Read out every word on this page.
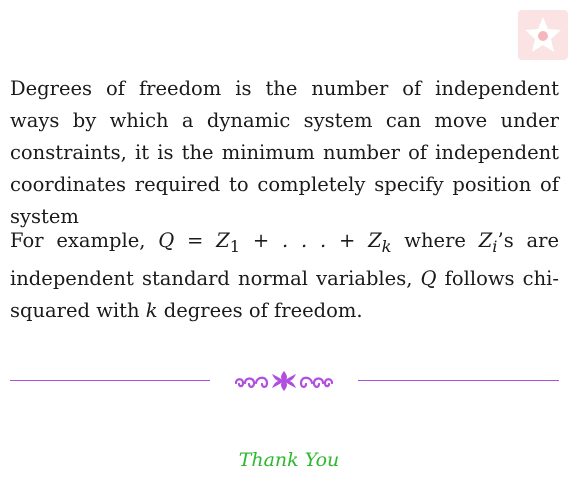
Degrees of freedom is the number of independent ways by which a dynamic system can move under constraints, it is the minimum number of independent coordinates required to completely specify position of system

For example, $Q = Z_1$ + . . . + $Z_k$ where $Z_i’s$ are independent standard normal variables, Q follows chi-squared with k degrees of freedom.

Thank You
